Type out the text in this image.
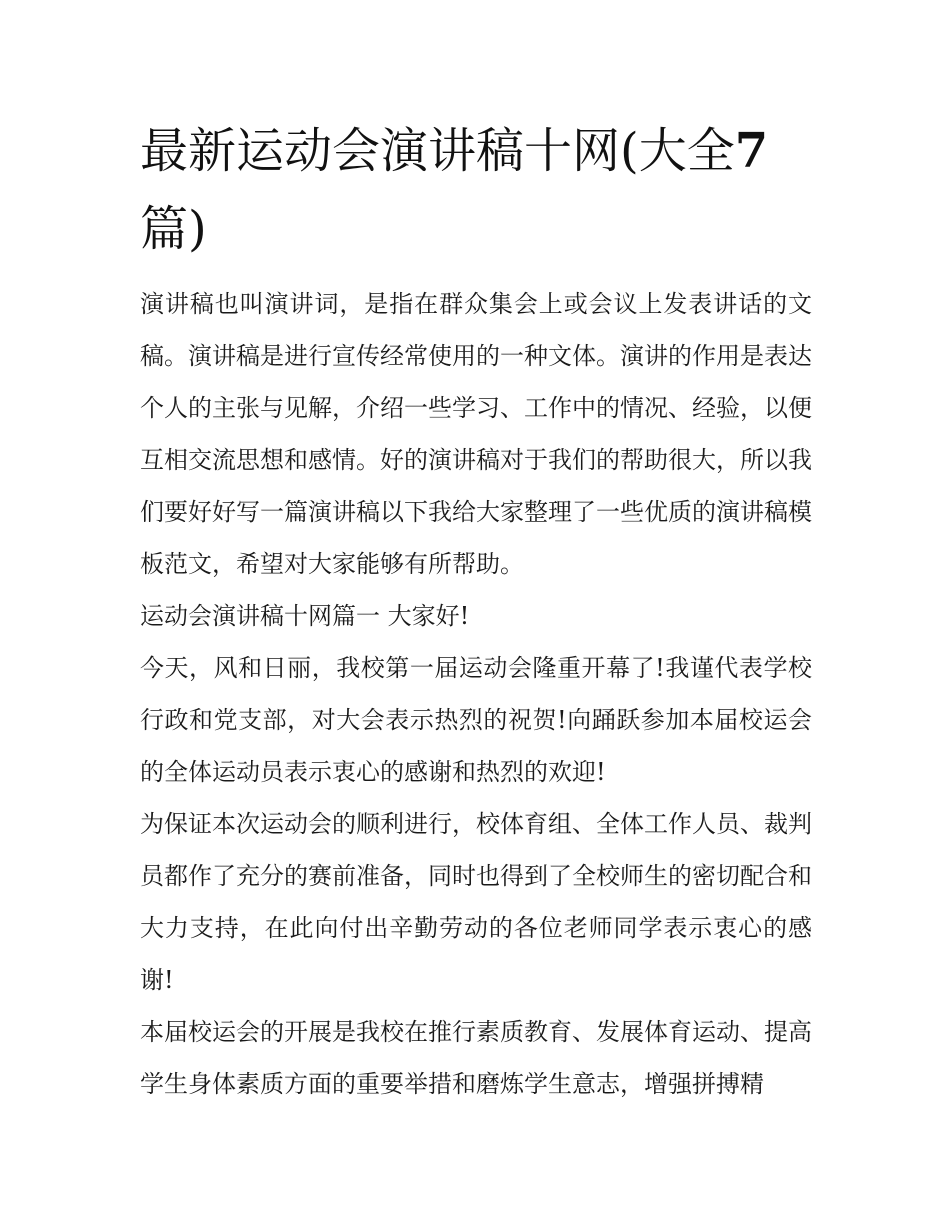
最新运动会演讲稿十网(大全7
篇)

演讲稿也叫演讲词，是指在群众集会上或会议上发表讲话的文稿。演讲稿是进行宣传经常使用的一种文体。演讲的作用是表达个人的主张与见解，介绍一些学习、工作中的情况、经验，以便互相交流思想和感情。好的演讲稿对于我们的帮助很大，所以我们要好好写一篇演讲稿以下我给大家整理了一些优质的演讲稿模板范文，希望对大家能够有所帮助。

运动会演讲稿十网篇一 大家好!

今天，风和日丽，我校第一届运动会隆重开幕了!我谨代表学校行政和党支部，对大会表示热烈的祝贺!向踊跃参加本届校运会的全体运动员表示衷心的感谢和热烈的欢迎!

为保证本次运动会的顺利进行，校体育组、全体工作人员、裁判员都作了充分的赛前准备，同时也得到了全校师生的密切配合和大力支持，在此向付出辛勤劳动的各位老师同学表示衷心的感谢!

本届校运会的开展是我校在推行素质教育、发展体育运动、提高学生身体素质方面的重要举措和磨炼学生意志，增强拼搏精
